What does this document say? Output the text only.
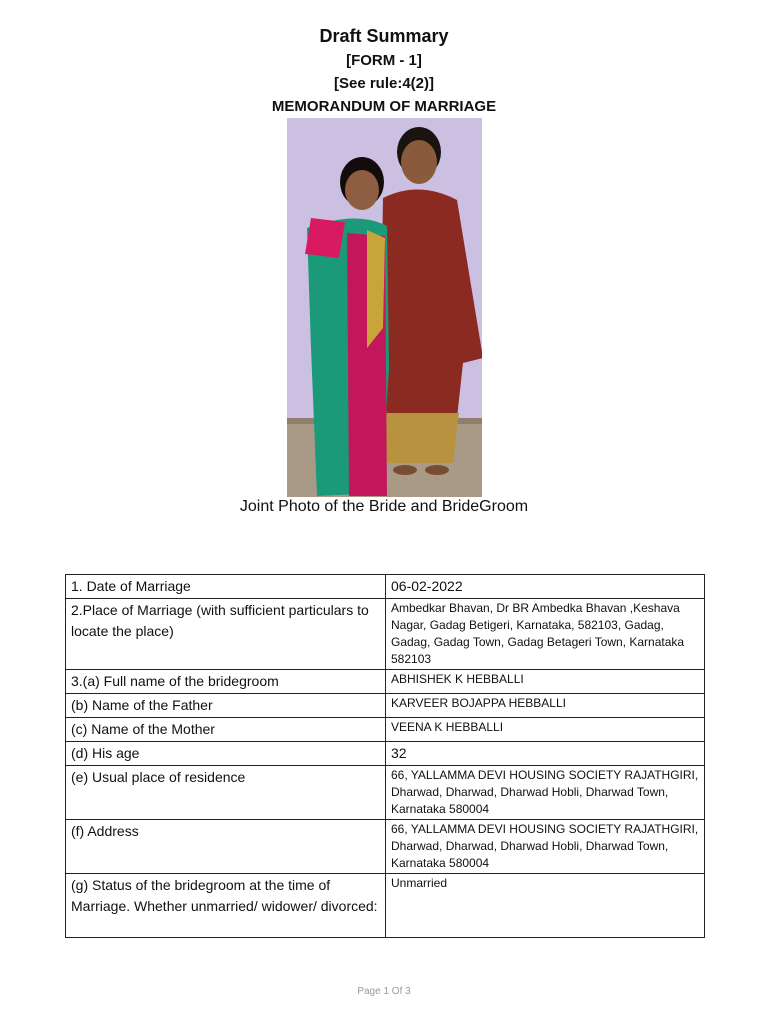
Draft Summary
[FORM - 1]
[See rule:4(2)]
MEMORANDUM OF MARRIAGE
Joint Photo of the Bride and BrideGroom
1. Date of Marriage	06-02-2022
2.Place of Marriage (with sufficient particulars to locate the place)	Ambedkar Bhavan, Dr BR Ambedka Bhavan ,Keshava Nagar, Gadag Betigeri, Karnataka, 582103, Gadag, Gadag, Gadag Town, Gadag Betageri Town, Karnataka 582103
3.(a) Full name of the bridegroom	ABHISHEK K HEBBALLI
(b) Name of the Father	KARVEER BOJAPPA HEBBALLI
(c) Name of the Mother	VEENA K HEBBALLI
(d) His age	32
(e) Usual place of residence	66, YALLAMMA DEVI HOUSING SOCIETY RAJATHGIRI, Dharwad, Dharwad, Dharwad Hobli, Dharwad Town, Karnataka 580004
(f) Address	66, YALLAMMA DEVI HOUSING SOCIETY RAJATHGIRI, Dharwad, Dharwad, Dharwad Hobli, Dharwad Town, Karnataka 580004
(g) Status of the bridegroom at the time of Marriage. Whether unmarried/ widower/ divorced:	Unmarried
Page 1 Of 3
